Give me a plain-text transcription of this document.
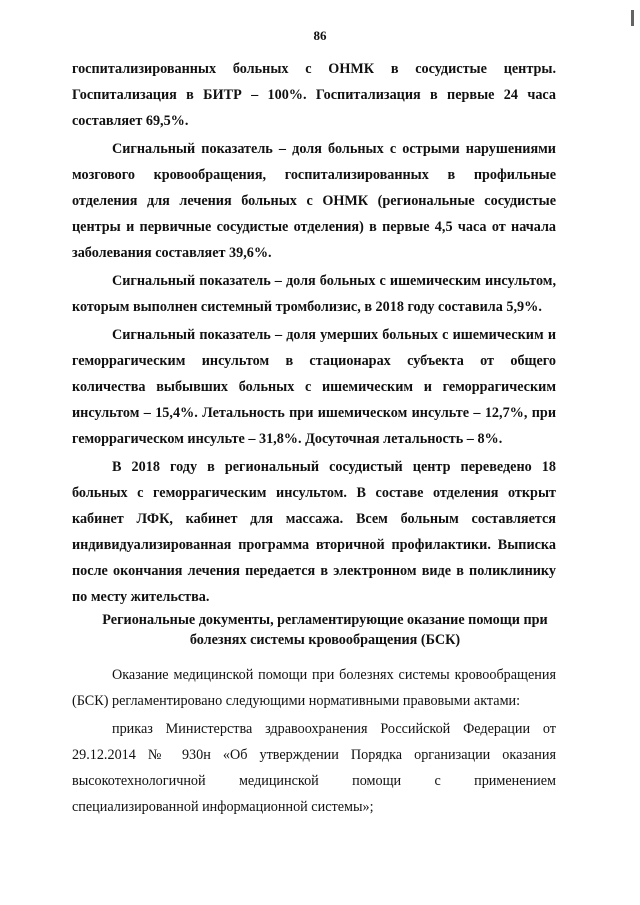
86

госпитализированных больных с ОНМК в сосудистые центры. Госпитализация в БИТР – 100%. Госпитализация в первые 24 часа составляет 69,5%.

Сигнальный показатель – доля больных с острыми нарушениями мозгового кровообращения, госпитализированных в профильные отделения для лечения больных с ОНМК (региональные сосудистые центры и первичные сосудистые отделения) в первые 4,5 часа от начала заболевания составляет 39,6%.

Сигнальный показатель – доля больных с ишемическим инсультом, которым выполнен системный тромболизис, в 2018 году составила 5,9%.

Сигнальный показатель – доля умерших больных с ишемическим и геморрагическим инсультом в стационарах субъекта от общего количества выбывших больных с ишемическим и геморрагическим инсультом – 15,4%. Летальность при ишемическом инсульте – 12,7%, при геморрагическом инсульте – 31,8%. Досуточная летальность – 8%.

В 2018 году в региональный сосудистый центр переведено 18 больных с геморрагическим инсультом. В составе отделения открыт кабинет ЛФК, кабинет для массажа. Всем больным составляется индивидуализированная программа вторичной профилактики. Выписка после окончания лечения передается в электронном виде в поликлинику по месту жительства.

Региональные документы, регламентирующие оказание помощи при болезнях системы кровообращения (БСК)

Оказание медицинской помощи при болезнях системы кровообращения (БСК) регламентировано следующими нормативными правовыми актами:

приказ Министерства здравоохранения Российской Федерации от 29.12.2014 № 930н «Об утверждении Порядка организации оказания высокотехнологичной медицинской помощи с применением специализированной информационной системы»;
